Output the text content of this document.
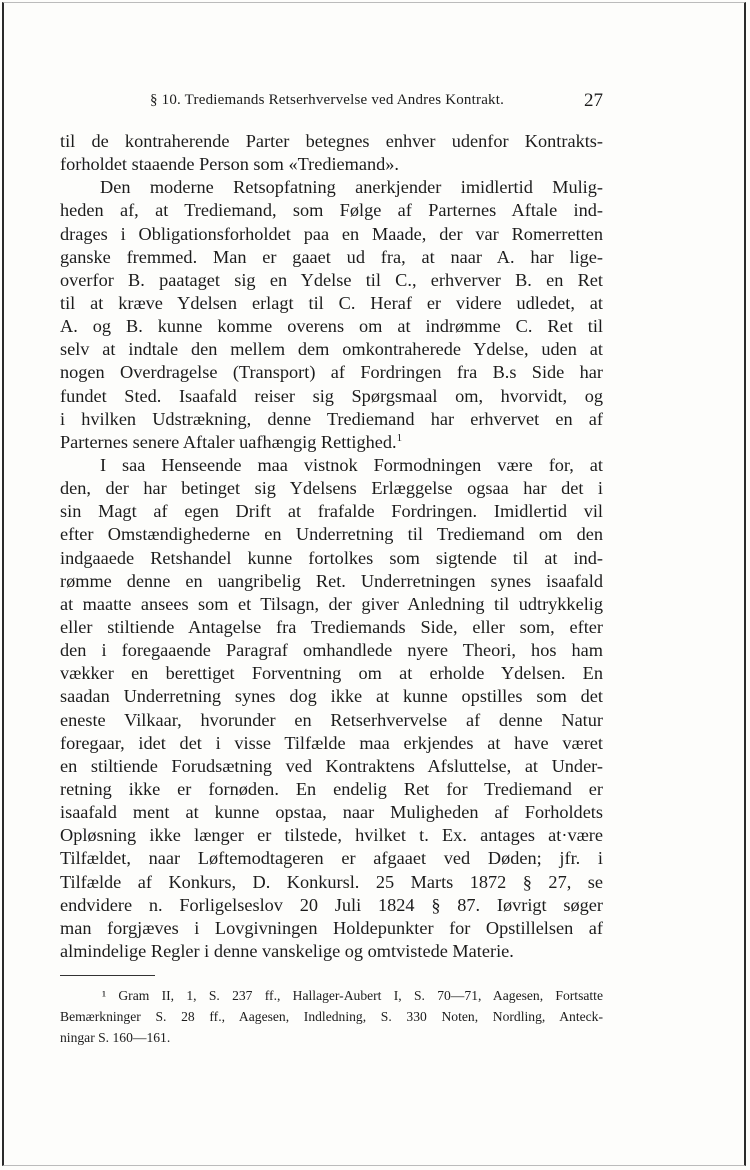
§ 10. Trediemands Retserhvervelse ved Andres Kontrakt.	27
til de kontraherende Parter betegnes enhver udenfor Kontrakts-
forholdet staaende Person som «Trediemand».
Den moderne Retsopfatning anerkjender imidlertid Mulig-
heden af, at Trediemand, som Følge af Parternes Aftale ind-
drages i Obligationsforholdet paa en Maade, der var Romerretten
ganske fremmed. Man er gaaet ud fra, at naar A. har lige-
overfor B. paataget sig en Ydelse til C., erhverver B. en Ret
til at kræve Ydelsen erlagt til C. Heraf er videre udledet, at
A. og B. kunne komme overens om at indrømme C. Ret til
selv at indtale den mellem dem omkontraherede Ydelse, uden at
nogen Overdragelse (Transport) af Fordringen fra B.s Side har
fundet Sted. Isaafald reiser sig Spørgsmaal om, hvorvidt, og
i hvilken Udstrækning, denne Trediemand har erhvervet en af
Parternes senere Aftaler uafhængig Rettighed.$^1$
I saa Henseende maa vistnok Formodningen være for, at
den, der har betinget sig Ydelsens Erlæggelse ogsaa har det i
sin Magt af egen Drift at frafalde Fordringen. Imidlertid vil
efter Omstændighederne en Underretning til Trediemand om den
indgaaede Retshandel kunne fortolkes som sigtende til at ind-
rømme denne en uangribelig Ret. Underretningen synes isaafald
at maatte ansees som et Tilsagn, der giver Anledning til udtrykkelig
eller stiltiende Antagelse fra Trediemands Side, eller som, efter
den i foregaaende Paragraf omhandlede nyere Theori, hos ham
vækker en berettiget Forventning om at erholde Ydelsen. En
saadan Underretning synes dog ikke at kunne opstilles som det
eneste Vilkaar, hvorunder en Retserhvervelse af denne Natur
foregaar, idet det i visse Tilfælde maa erkjendes at have været
en stiltiende Forudsætning ved Kontraktens Afsluttelse, at Under-
retning ikke er fornøden. En endelig Ret for Trediemand er
isaafald ment at kunne opstaa, naar Muligheden af Forholdets
Opløsning ikke længer er tilstede, hvilket t. Ex. antages at·være
Tilfældet, naar Løftemodtageren er afgaaet ved Døden; jfr. i
Tilfælde af Konkurs, D. Konkursl. 25 Marts 1872 § 27, se
endvidere n. Forligelseslov 20 Juli 1824 § 87. Iøvrigt søger
man forgjæves i Lovgivningen Holdepunkter for Opstillelsen af
almindelige Regler i denne vanskelige og omtvistede Materie.
¹ Gram II, 1, S. 237 ff., Hallager-Aubert I, S. 70—71, Aagesen, Fortsatte
Bemærkninger S. 28 ff., Aagesen, Indledning, S. 330 Noten, Nordling, Anteck-
ningar S. 160—161.
